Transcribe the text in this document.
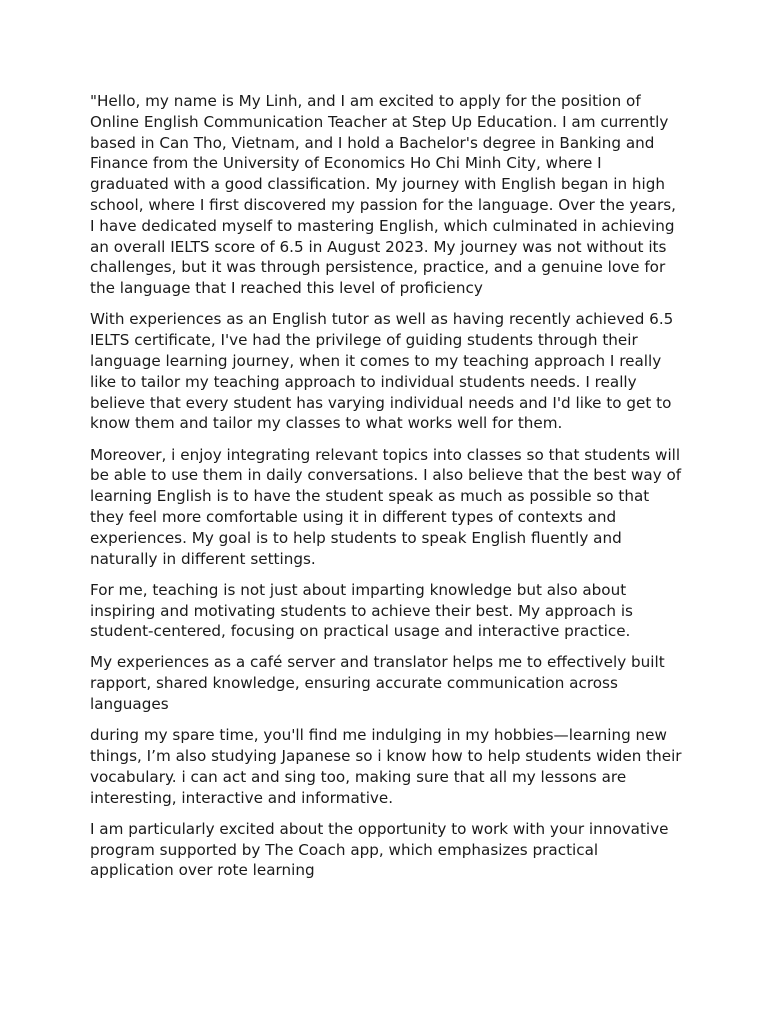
"Hello, my name is My Linh, and I am excited to apply for the position of
Online English Communication Teacher at Step Up Education. I am currently
based in Can Tho, Vietnam, and I hold a Bachelor's degree in Banking and
Finance from the University of Economics Ho Chi Minh City, where I
graduated with a good classification. My journey with English began in high
school, where I first discovered my passion for the language. Over the years,
I have dedicated myself to mastering English, which culminated in achieving
an overall IELTS score of 6.5 in August 2023. My journey was not without its
challenges, but it was through persistence, practice, and a genuine love for
the language that I reached this level of proficiency

With experiences as an English tutor as well as having recently achieved 6.5
IELTS certificate, I've had the privilege of guiding students through their
language learning journey, when it comes to my teaching approach I really
like to tailor my teaching approach to individual students needs. I really
believe that every student has varying individual needs and I'd like to get to
know them and tailor my classes to what works well for them.

Moreover, i enjoy integrating relevant topics into classes so that students will
be able to use them in daily conversations. I also believe that the best way of
learning English is to have the student speak as much as possible so that
they feel more comfortable using it in different types of contexts and
experiences. My goal is to help students to speak English fluently and
naturally in different settings.

For me, teaching is not just about imparting knowledge but also about
inspiring and motivating students to achieve their best. My approach is
student-centered, focusing on practical usage and interactive practice.

My experiences as a café server and translator helps me to effectively built
rapport, shared knowledge, ensuring accurate communication across
languages

during my spare time, you'll find me indulging in my hobbies—learning new
things, I’m also studying Japanese so i know how to help students widen their
vocabulary. i can act and sing too, making sure that all my lessons are
interesting, interactive and informative.

I am particularly excited about the opportunity to work with your innovative
program supported by The Coach app, which emphasizes practical
application over rote learning
